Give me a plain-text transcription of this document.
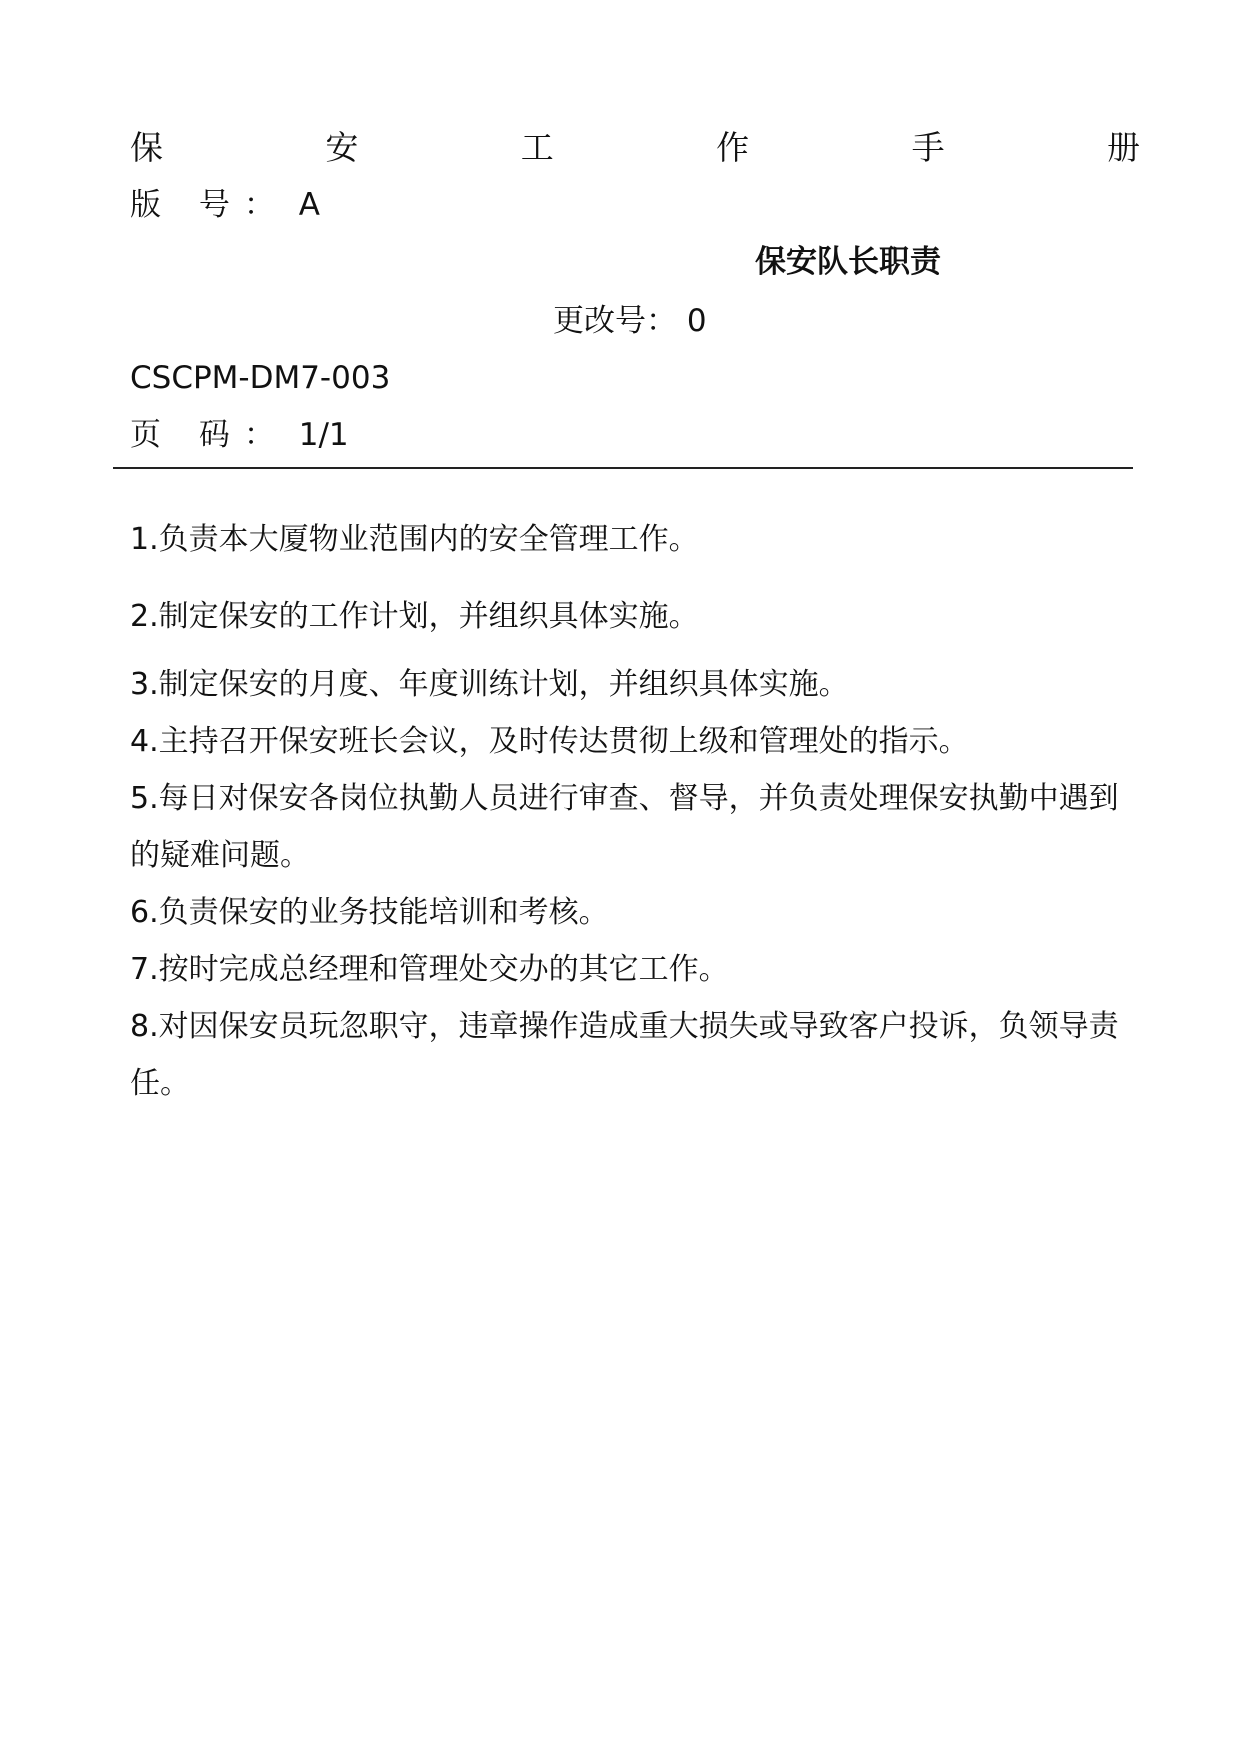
保	安	工	作	手	册
版 号： A
保安队长职责
更改号： 0
CSCPM-DM7-003
页 码： 1/1
1.负责本大厦物业范围内的安全管理工作。
2.制定保安的工作计划，并组织具体实施。
3.制定保安的月度、年度训练计划，并组织具体实施。
4.主持召开保安班长会议，及时传达贯彻上级和管理处的指示。
5.每日对保安各岗位执勤人员进行审查、督导，并负责处理保安执勤中遇到的疑难问题。
6.负责保安的业务技能培训和考核。
7.按时完成总经理和管理处交办的其它工作。
8.对因保安员玩忽职守，违章操作造成重大损失或导致客户投诉，负领导责任。
